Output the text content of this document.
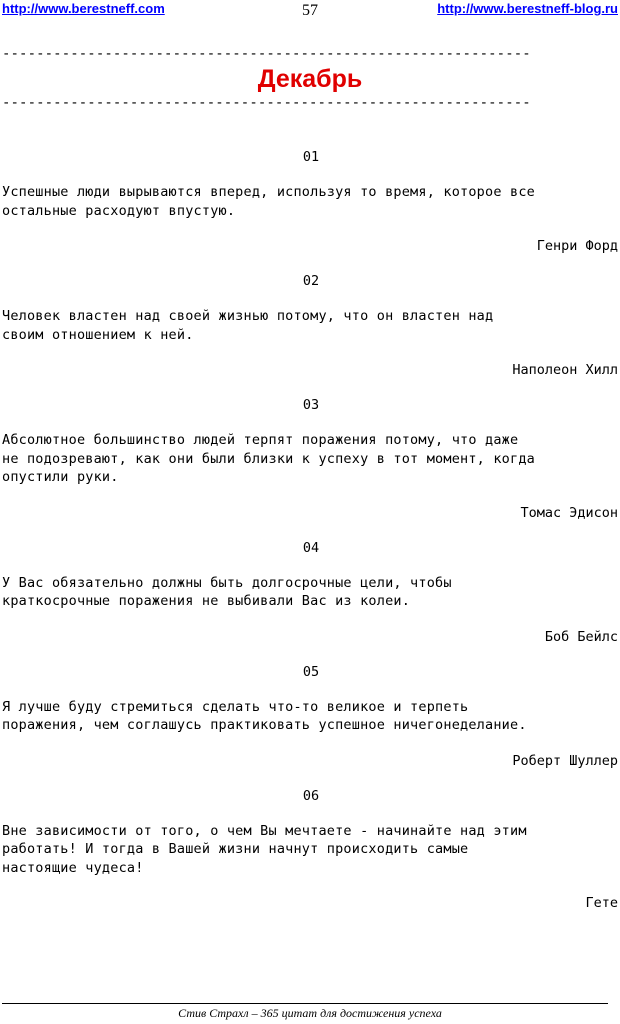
http://www.berestneff.com	57	http://www.berestneff-blog.ru
--------------------------------------------------------------
Декабрь
--------------------------------------------------------------
01
Успешные люди вырываются вперед, используя то время, которое все
остальные расходуют впустую.
Генри Форд
02
Человек властен над своей жизнью потому, что он властен над
своим отношением к ней.
Наполеон Хилл
03
Абсолютное большинство людей терпят поражения потому, что даже
не подозревают, как они были близки к успеху в тот момент, когда
опустили руки.
Томас Эдисон
04
У Вас обязательно должны быть долгосрочные цели, чтобы
краткосрочные поражения не выбивали Вас из колеи.
Боб Бейлс
05
Я лучше буду стремиться сделать что-то великое и терпеть
поражения, чем соглашусь практиковать успешное ничегонеделание.
Роберт Шуллер
06
Вне зависимости от того, о чем Вы мечтаете - начинайте над этим
работать! И тогда в Вашей жизни начнут происходить самые
настоящие чудеса!
Гете
Стив Страхл – 365 цитат для достижения успеха
